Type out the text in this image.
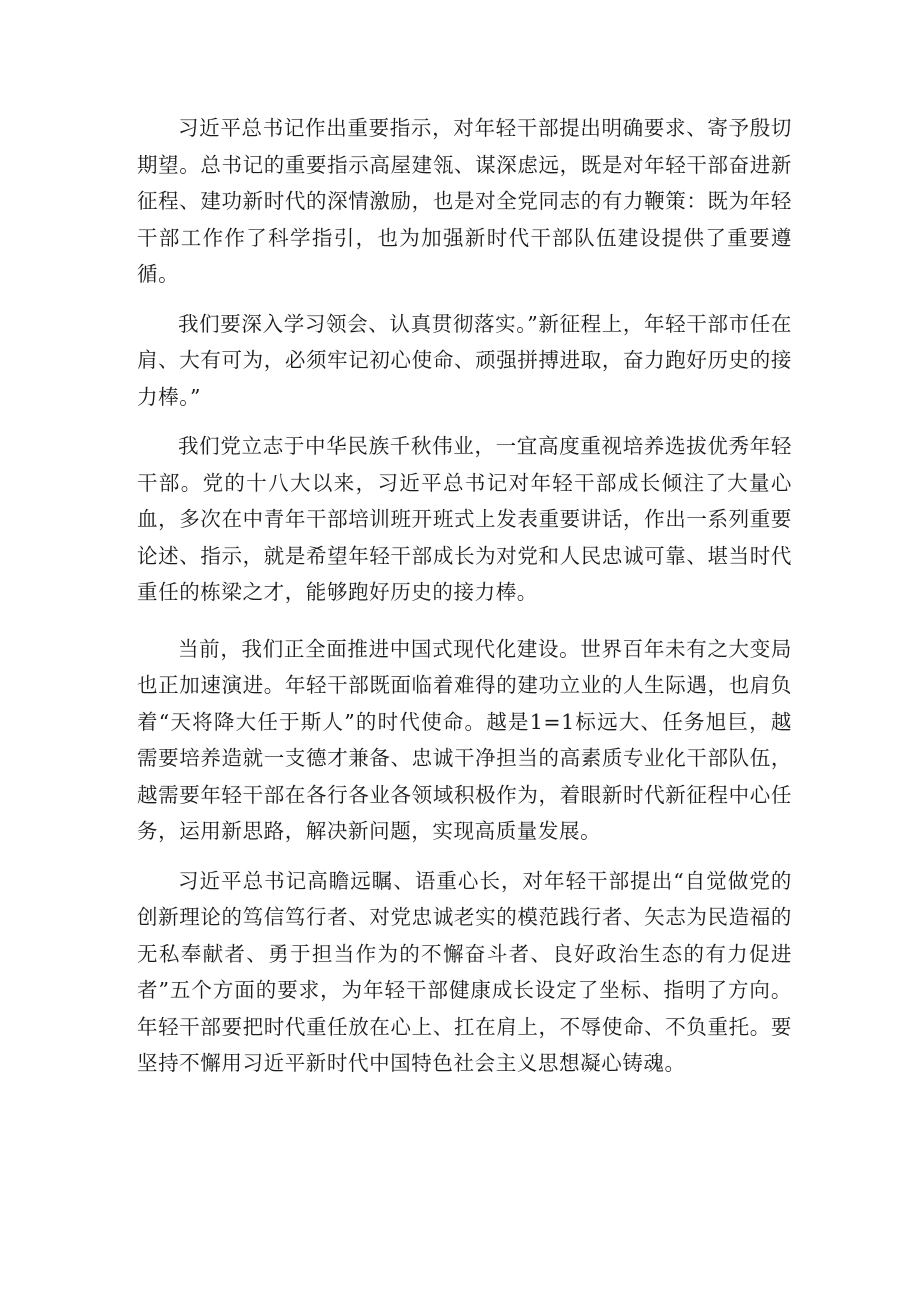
习近平总书记作出重要指示，对年轻干部提出明确要求、寄予殷切期望。总书记的重要指示高屋建瓴、谋深虑远，既是对年轻干部奋进新征程、建功新时代的深情激励，也是对全党同志的有力鞭策：既为年轻干部工作作了科学指引，也为加强新时代干部队伍建设提供了重要遵循。

我们要深入学习领会、认真贯彻落实。”新征程上，年轻干部市任在肩、大有可为，必须牢记初心使命、顽强拼搏进取，奋力跑好历史的接力棒。”

我们党立志于中华民族千秋伟业，一宜高度重视培养选拔优秀年轻干部。党的十八大以来，习近平总书记对年轻干部成长倾注了大量心血，多次在中青年干部培训班开班式上发表重要讲话，作出一系列重要论述、指示，就是希望年轻干部成长为对党和人民忠诚可靠、堪当时代重任的栋梁之才，能够跑好历史的接力棒。

当前，我们正全面推进中国式现代化建设。世界百年未有之大变局也正加速演进。年轻干部既面临着难得的建功立业的人生际遇，也肩负着“天将降大任于斯人”的时代使命。越是1=1标远大、任务旭巨，越需要培养造就一支德才兼备、忠诚干净担当的高素质专业化干部队伍，越需要年轻干部在各行各业各领域积极作为，着眼新时代新征程中心任务，运用新思路，解决新问题，实现高质量发展。

习近平总书记高瞻远瞩、语重心长，对年轻干部提出“自觉做党的创新理论的笃信笃行者、对党忠诚老实的模范践行者、矢志为民造福的无私奉献者、勇于担当作为的不懈奋斗者、良好政治生态的有力促进者”五个方面的要求，为年轻干部健康成长设定了坐标、指明了方向。年轻干部要把时代重任放在心上、扛在肩上，不辱使命、不负重托。要坚持不懈用习近平新时代中国特色社会主义思想凝心铸魂。
